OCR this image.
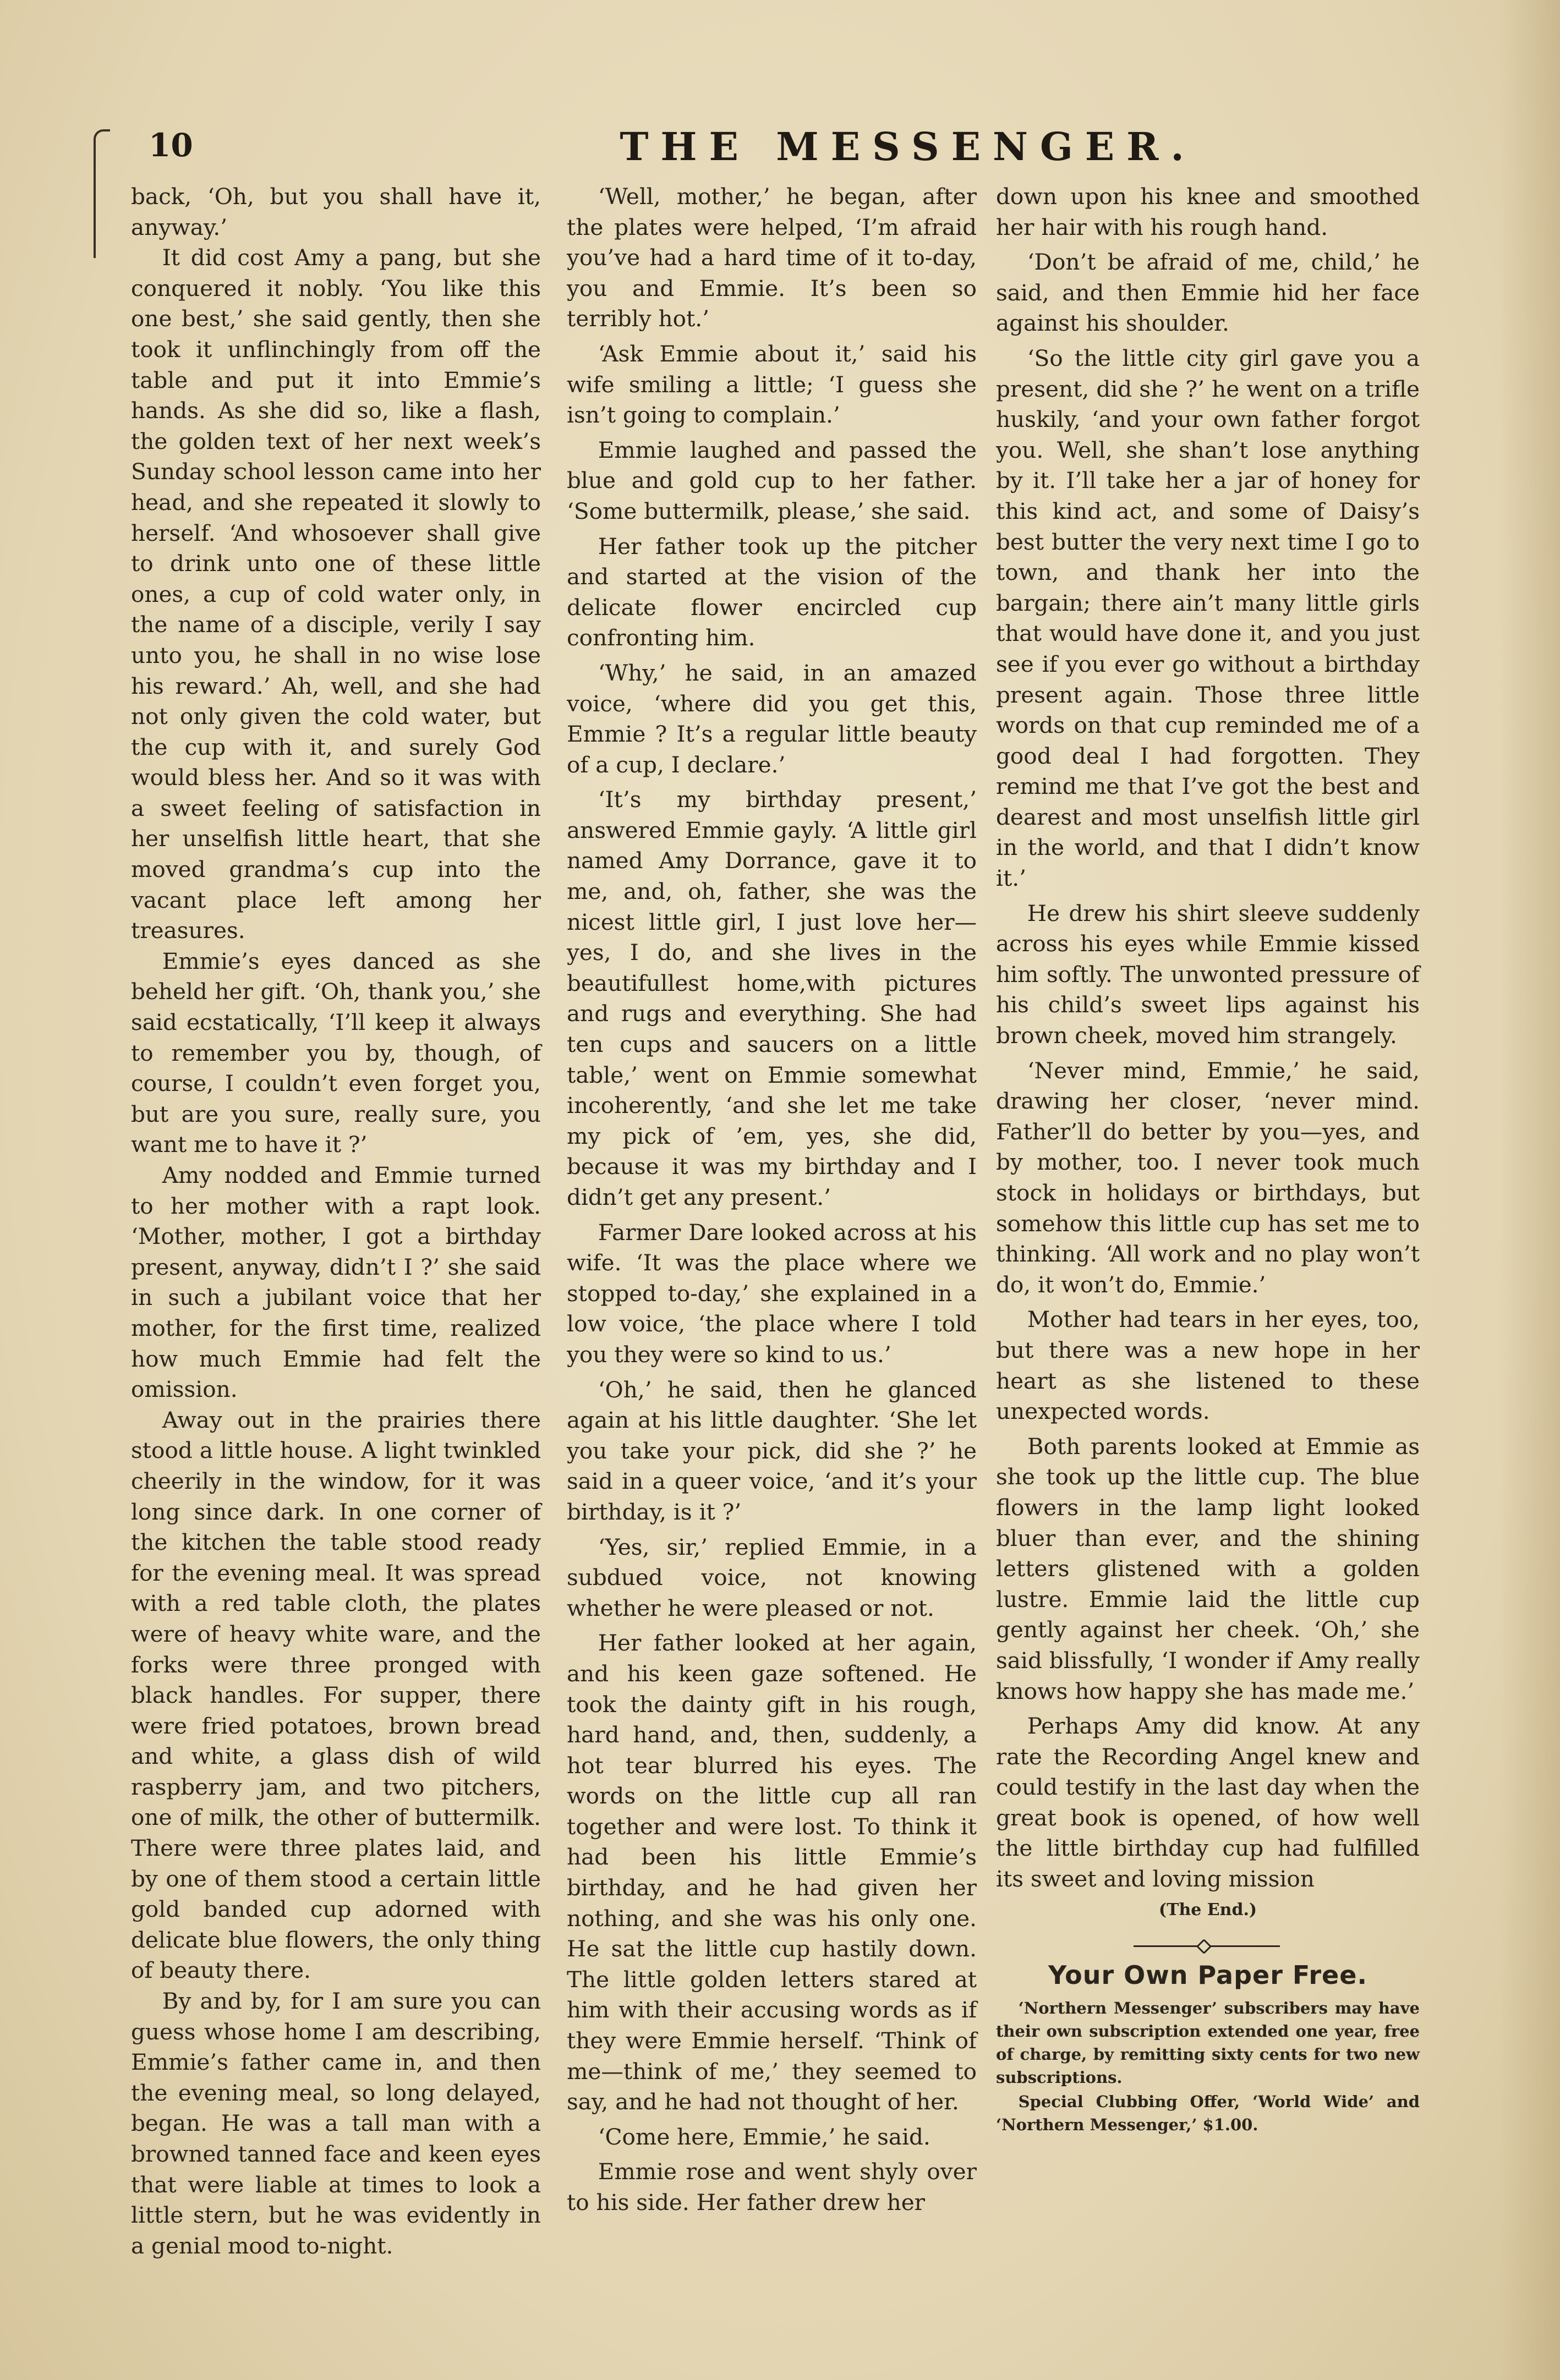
10	THE MESSENGER.

back, ‘Oh, but you shall have it, anyway.’

It did cost Amy a pang, but she conquered it nobly. ‘You like this one best,’ she said gently, then she took it unflinchingly from off the table and put it into Emmie’s hands. As she did so, like a flash, the golden text of her next week’s Sunday school lesson came into her head, and she repeated it slowly to herself. ‘And whosoever shall give to drink unto one of these little ones, a cup of cold water only, in the name of a disciple, verily I say unto you, he shall in no wise lose his reward.’ Ah, well, and she had not only given the cold water, but the cup with it, and surely God would bless her. And so it was with a sweet feeling of satisfaction in her unselfish little heart, that she moved grandma’s cup into the vacant place left among her treasures.

Emmie’s eyes danced as she beheld her gift. ‘Oh, thank you,’ she said ecstatically, ‘I’ll keep it always to remember you by, though, of course, I couldn’t even forget you, but are you sure, really sure, you want me to have it ?’

Amy nodded and Emmie turned to her mother with a rapt look. ‘Mother, mother, I got a birthday present, anyway, didn’t I ?’ she said in such a jubilant voice that her mother, for the first time, realized how much Emmie had felt the omission.

Away out in the prairies there stood a little house. A light twinkled cheerily in the window, for it was long since dark. In one corner of the kitchen the table stood ready for the evening meal. It was spread with a red table cloth, the plates were of heavy white ware, and the forks were three pronged with black handles. For supper, there were fried potatoes, brown bread and white, a glass dish of wild raspberry jam, and two pitchers, one of milk, the other of buttermilk. There were three plates laid, and by one of them stood a certain little gold banded cup adorned with delicate blue flowers, the only thing of beauty there.

By and by, for I am sure you can guess whose home I am describing, Emmie’s father came in, and then the evening meal, so long delayed, began. He was a tall man with a browned tanned face and keen eyes that were liable at times to look a little stern, but he was evidently in a genial mood to-night.

‘Well, mother,’ he began, after the plates were helped, ‘I’m afraid you’ve had a hard time of it to-day, you and Emmie. It’s been so terribly hot.’

‘Ask Emmie about it,’ said his wife smiling a little; ‘I guess she isn’t going to complain.’

Emmie laughed and passed the blue and gold cup to her father. ‘Some buttermilk, please,’ she said.

Her father took up the pitcher and started at the vision of the delicate flower encircled cup confronting him.

‘Why,’ he said, in an amazed voice, ‘where did you get this, Emmie ? It’s a regular little beauty of a cup, I declare.’

‘It’s my birthday present,’ answered Emmie gayly. ‘A little girl named Amy Dorrance, gave it to me, and, oh, father, she was the nicest little girl, I just love her—yes, I do, and she lives in the beautifullest home,with pictures and rugs and everything. She had ten cups and saucers on a little table,’ went on Emmie somewhat incoherently, ‘and she let me take my pick of ’em, yes, she did, because it was my birthday and I didn’t get any present.’

Farmer Dare looked across at his wife. ‘It was the place where we stopped to-day,’ she explained in a low voice, ‘the place where I told you they were so kind to us.’

‘Oh,’ he said, then he glanced again at his little daughter. ‘She let you take your pick, did she ?’ he said in a queer voice, ‘and it’s your birthday, is it ?’

‘Yes, sir,’ replied Emmie, in a subdued voice, not knowing whether he were pleased or not.

Her father looked at her again, and his keen gaze softened. He took the dainty gift in his rough, hard hand, and, then, suddenly, a hot tear blurred his eyes. The words on the little cup all ran together and were lost. To think it had been his little Emmie’s birthday, and he had given her nothing, and she was his only one. He sat the little cup hastily down. The little golden letters stared at him with their accusing words as if they were Emmie herself. ‘Think of me—think of me,’ they seemed to say, and he had not thought of her.

‘Come here, Emmie,’ he said.

Emmie rose and went shyly over to his side. Her father drew her

down upon his knee and smoothed her hair with his rough hand.

‘Don’t be afraid of me, child,’ he said, and then Emmie hid her face against his shoulder.

‘So the little city girl gave you a present, did she ?’ he went on a trifle huskily, ‘and your own father forgot you. Well, she shan’t lose anything by it. I’ll take her a jar of honey for this kind act, and some of Daisy’s best butter the very next time I go to town, and thank her into the bargain; there ain’t many little girls that would have done it, and you just see if you ever go without a birthday present again. Those three little words on that cup reminded me of a good deal I had forgotten. They remind me that I’ve got the best and dearest and most unselfish little girl in the world, and that I didn’t know it.’

He drew his shirt sleeve suddenly across his eyes while Emmie kissed him softly. The unwonted pressure of his child’s sweet lips against his brown cheek, moved him strangely.

‘Never mind, Emmie,’ he said, drawing her closer, ‘never mind. Father’ll do better by you—yes, and by mother, too. I never took much stock in holidays or birthdays, but somehow this little cup has set me to thinking. ‘All work and no play won’t do, it won’t do, Emmie.’

Mother had tears in her eyes, too, but there was a new hope in her heart as she listened to these unexpected words.

Both parents looked at Emmie as she took up the little cup. The blue flowers in the lamp light looked bluer than ever, and the shining letters glistened with a golden lustre. Emmie laid the little cup gently against her cheek. ‘Oh,’ she said blissfully, ‘I wonder if Amy really knows how happy she has made me.’

Perhaps Amy did know. At any rate the Recording Angel knew and could testify in the last day when the great book is opened, of how well the little birthday cup had fulfilled its sweet and loving mission

(The End.)

Your Own Paper Free.

‘Northern Messenger’ subscribers may have their own subscription extended one year, free of charge, by remitting sixty cents for two new subscriptions.

Special Clubbing Offer, ‘World Wide’ and ‘Northern Messenger,’ $1.00.
